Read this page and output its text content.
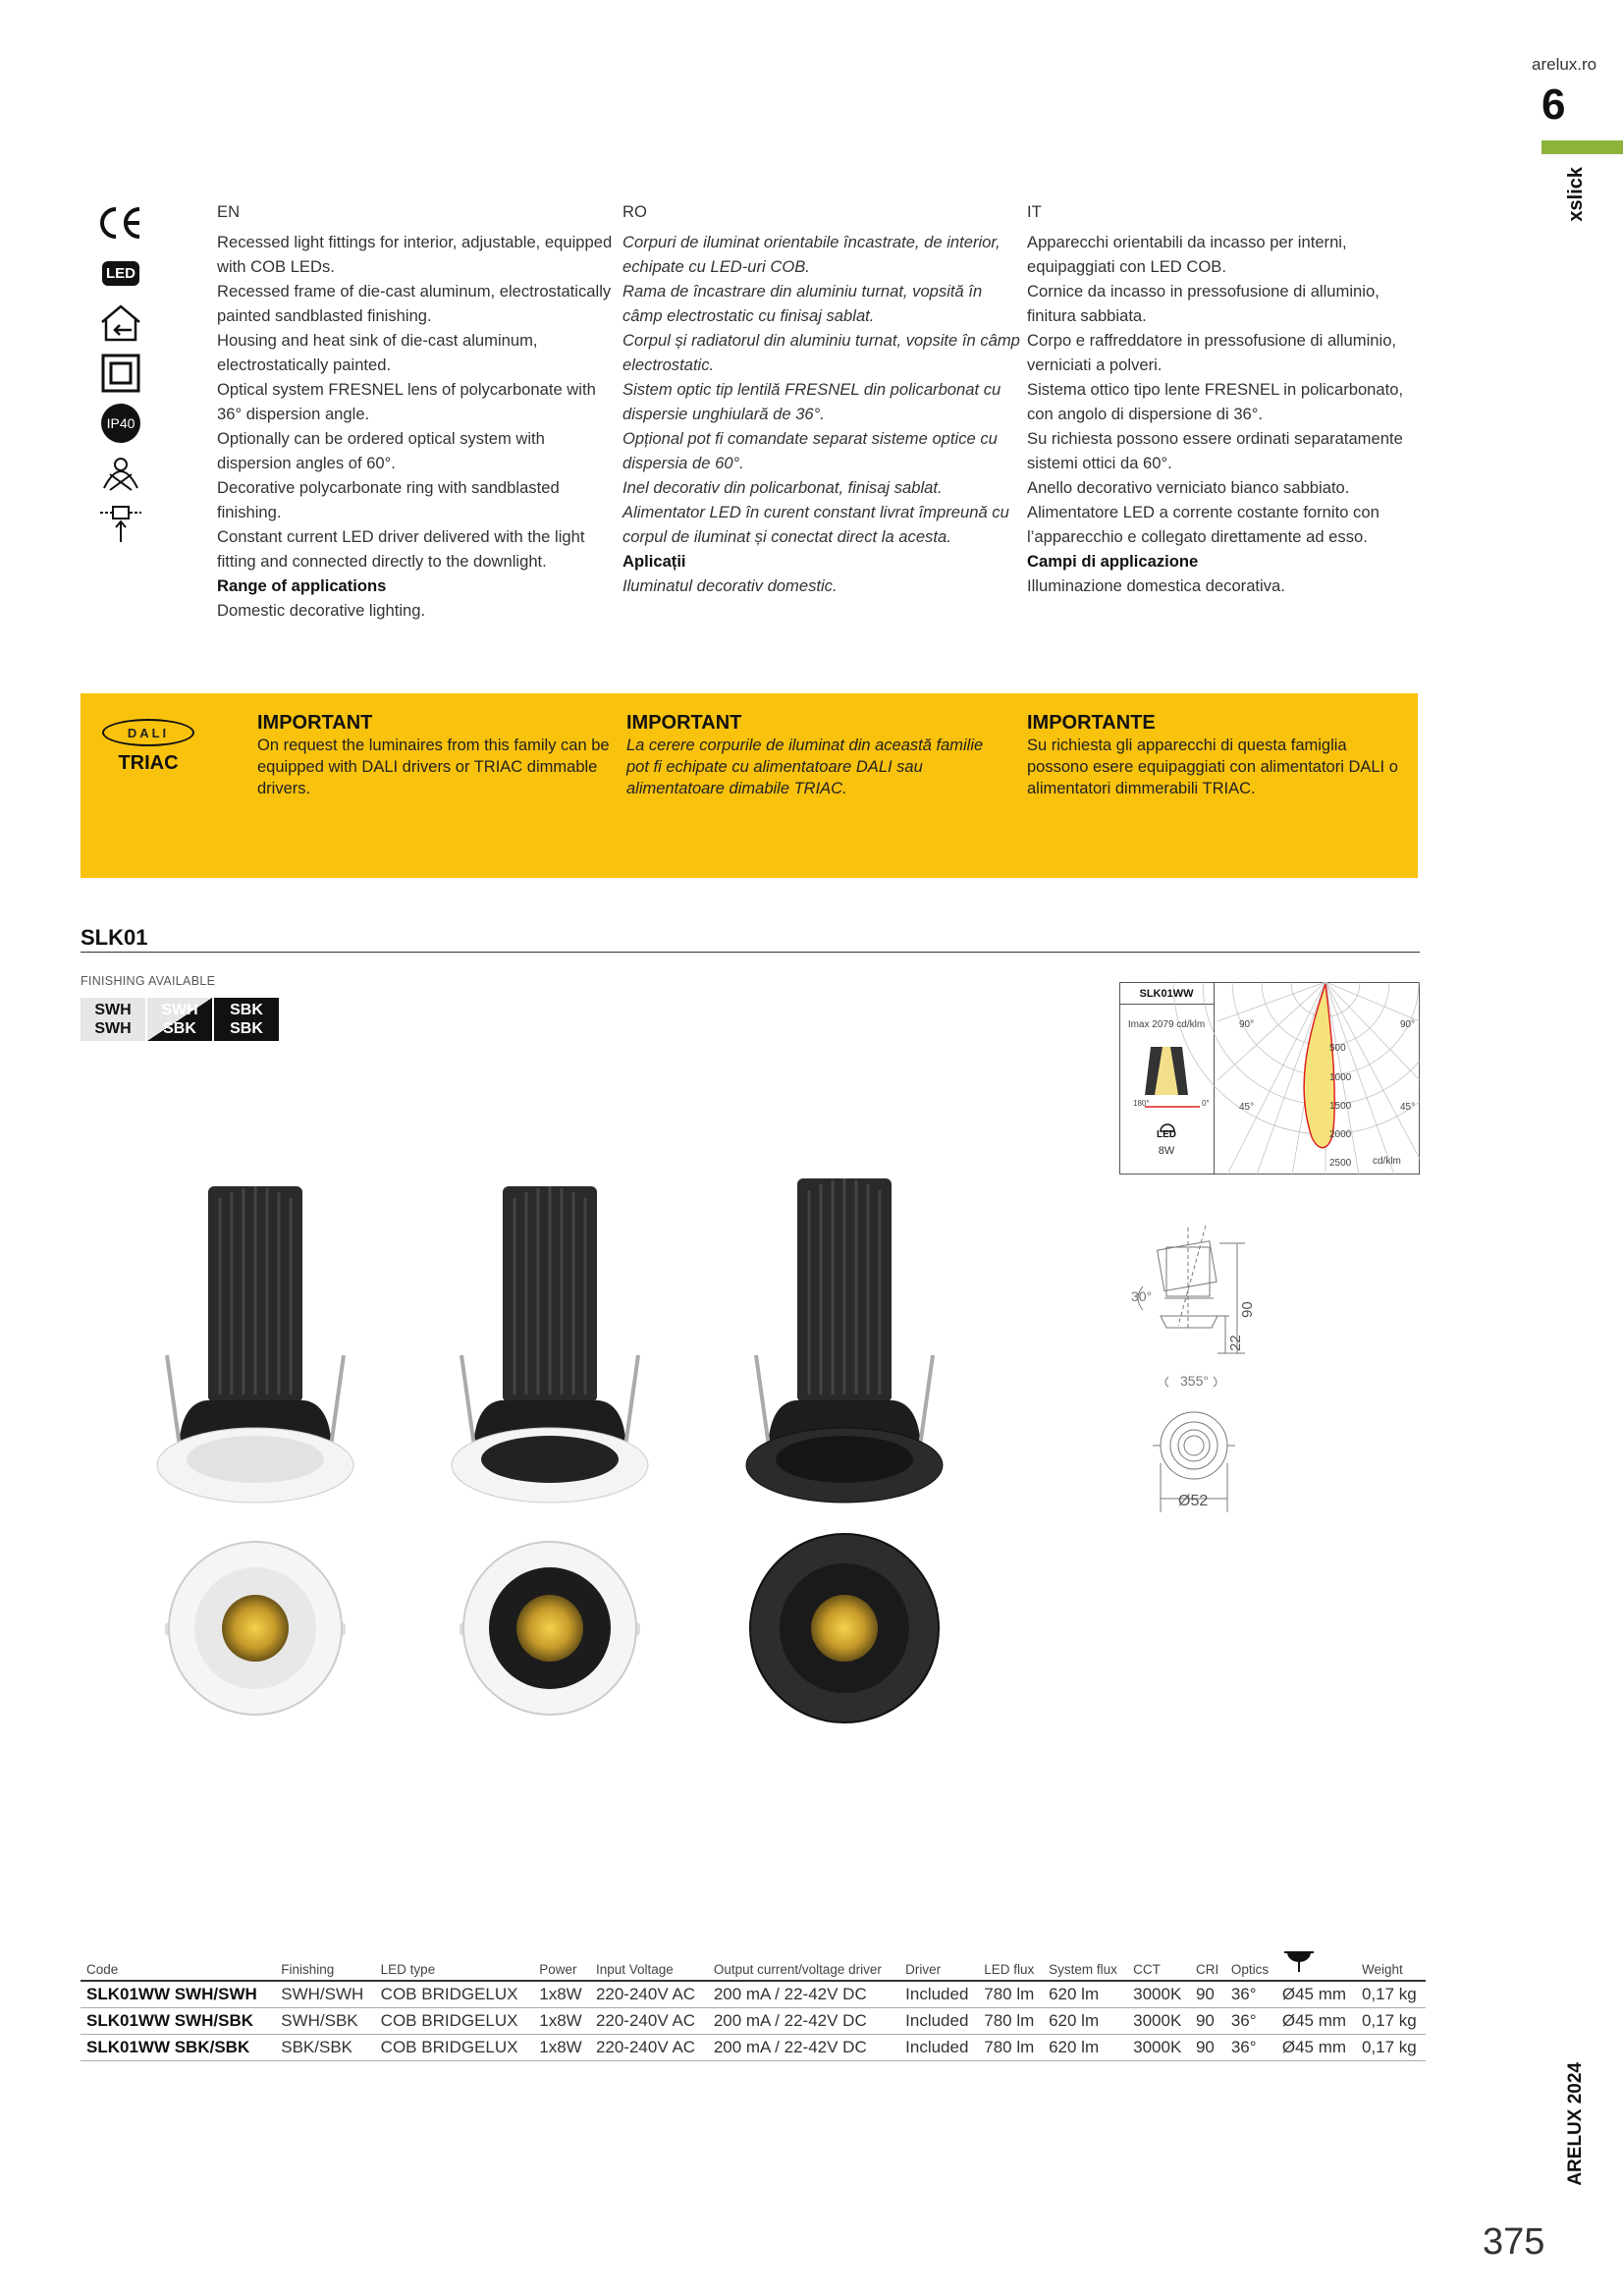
arelux.ro
6
xslick
ARELUX 2024
375
LED
IP40
EN

Recessed light fittings for interior, adjustable, equipped with COB LEDs.

Recessed frame of die-cast aluminum, electrostatically painted sandblasted finishing.

Housing and heat sink of die-cast aluminum, electrostatically painted.

Optical system FRESNEL lens of polycarbonate with 36° dispersion angle.

Optionally can be ordered optical system with dispersion angles of 60°.

Decorative polycarbonate ring with sandblasted finishing.

Constant current LED driver delivered with the light fitting and connected directly to the downlight.

Range of applications

Domestic decorative lighting.

RO

Corpuri de iluminat orientabile încastrate, de interior, echipate cu LED-uri COB.

Rama de încastrare din aluminiu turnat, vopsită în câmp electrostatic cu finisaj sablat.

Corpul și radiatorul din aluminiu turnat, vopsite în câmp electrostatic.

Sistem optic tip lentilă FRESNEL din policarbonat cu dispersie unghiulară de 36°.

Opțional pot fi comandate separat sisteme optice cu dispersia de 60°.

Inel decorativ din policarbonat, finisaj sablat.

Alimentator LED în curent constant livrat împreună cu corpul de iluminat și conectat direct la acesta.

Aplicații

Iluminatul decorativ domestic.

IT

Apparecchi orientabili da incasso per interni, equipaggiati con LED COB.

Cornice da incasso in pressofusione di alluminio, finitura sabbiata.

Corpo e raffreddatore in pressofusione di alluminio, verniciati a polveri.

Sistema ottico tipo lente FRESNEL in policarbonato, con angolo di dispersione di 36°.

Su richiesta possono essere ordinati separatamente sistemi ottici da 60°.

Anello decorativo verniciato bianco sabbiato.

Alimentatore LED a corrente costante fornito con l’apparecchio e collegato direttamente ad esso.

Campi di applicazione

Illuminazione domestica decorativa.

DALI
TRIAC
IMPORTANT
On request the luminaires from this family can be equipped with DALI drivers or TRIAC dimmable drivers.
IMPORTANT
La cerere corpurile de iluminat din această familie pot fi echipate cu alimentatoare DALI sau alimentatoare dimabile TRIAC.
IMPORTANTE
Su richiesta gli apparecchi di questa famiglia possono esere equipaggiati con alimentatori DALI o alimentatori dimmerabili TRIAC.
SLK01
FINISHING AVAILABLE
SWH
SWH
SWH
SBK
SBK
SBK
SLK01WW
Imax 2079 cd/klm
180°	0°
LED
8W
90°	90°
45°	45°
500
1000
1500
2000
2500 cd/klm
30°
90
22
355°
Ø52
Code	Finishing	LED type	Power	Input Voltage	Output current/voltage driver	Driver	LED flux	System flux	CCT	CRI	Optics		Weight
SLK01WW SWH/SWH	SWH/SWH	COB BRIDGELUX	1x8W	220-240V AC	200 mA / 22-42V DC	Included	780 lm	620 lm	3000K	90	36°	Ø45 mm	0,17 kg
SLK01WW SWH/SBK	SWH/SBK	COB BRIDGELUX	1x8W	220-240V AC	200 mA / 22-42V DC	Included	780 lm	620 lm	3000K	90	36°	Ø45 mm	0,17 kg
SLK01WW SBK/SBK	SBK/SBK	COB BRIDGELUX	1x8W	220-240V AC	200 mA / 22-42V DC	Included	780 lm	620 lm	3000K	90	36°	Ø45 mm	0,17 kg
